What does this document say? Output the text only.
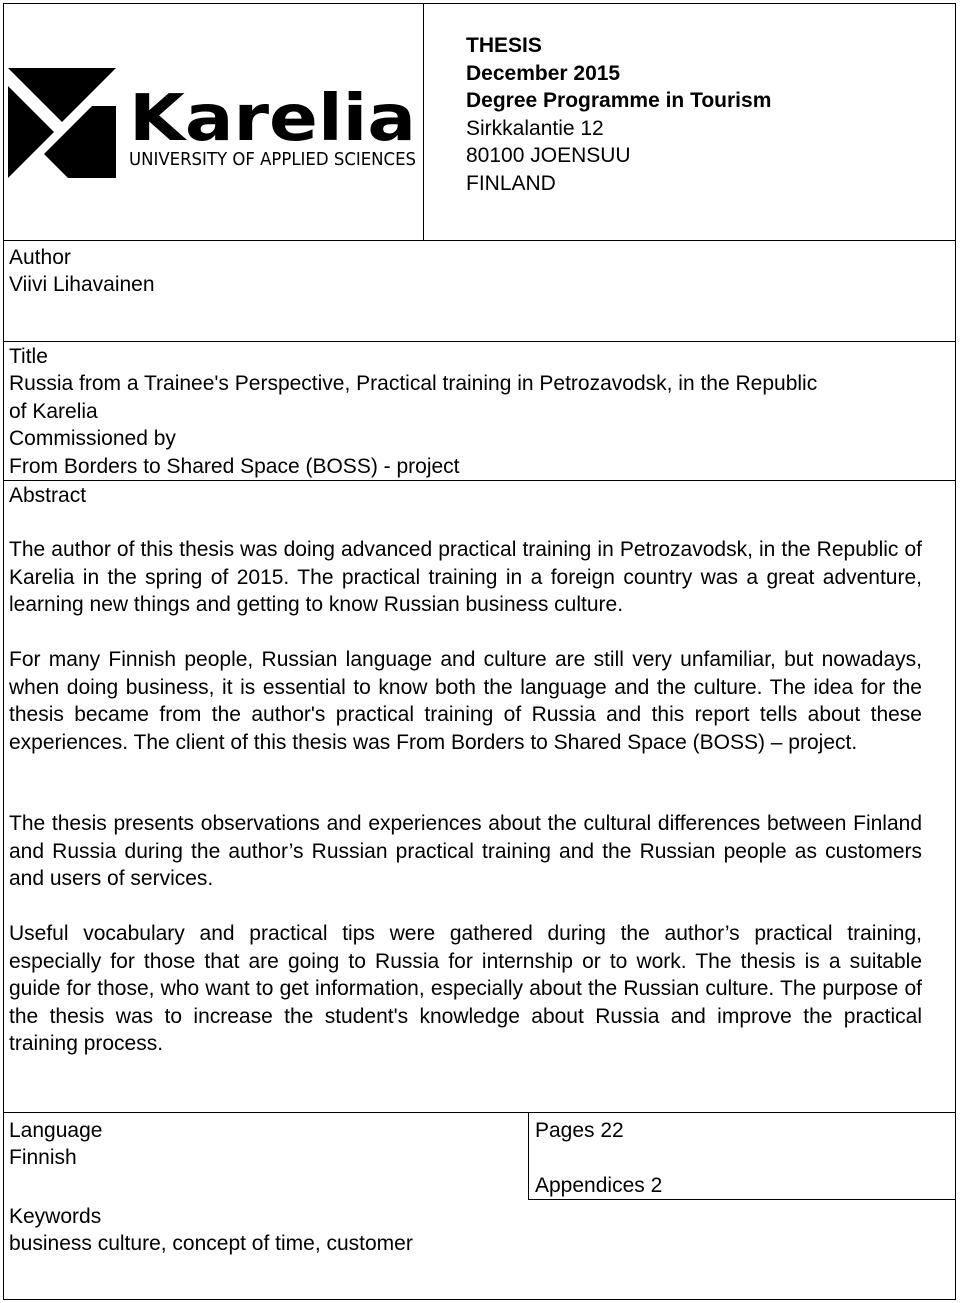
Karelia
UNIVERSITY OF APPLIED SCIENCES
THESIS
December 2015
Degree Programme in Tourism
Sirkkalantie 12
80100 JOENSUU
FINLAND
Author
Viivi Lihavainen
Title
Russia from a Trainee's Perspective, Practical training in Petrozavodsk, in the Republic
of Karelia
Commissioned by
From Borders to Shared Space (BOSS) - project
Abstract
The author of this thesis was doing advanced practical training in Petrozavodsk, in the Republic of Karelia in the spring of 2015. The practical training in a foreign country was a great adventure, learning new things and getting to know Russian business culture.
For many Finnish people, Russian language and culture are still very unfamiliar, but nowadays, when doing business, it is essential to know both the language and the culture. The idea for the thesis became from the author's practical training of Russia and this report tells about these experiences. The client of this thesis was From Borders to Shared Space (BOSS) – project.
The thesis presents observations and experiences about the cultural differences between Finland and Russia during the author’s Russian practical training and the Russian people as customers and users of services.
Useful vocabulary and practical tips were gathered during the author’s practical training, especially for those that are going to Russia for internship or to work. The thesis is a suitable guide for those, who want to get information, especially about the Russian culture. The purpose of the thesis was to increase the student's knowledge about Russia and improve the practical training process.
Language
Finnish
Pages 22
Appendices 2
Keywords
business culture, concept of time, customer
